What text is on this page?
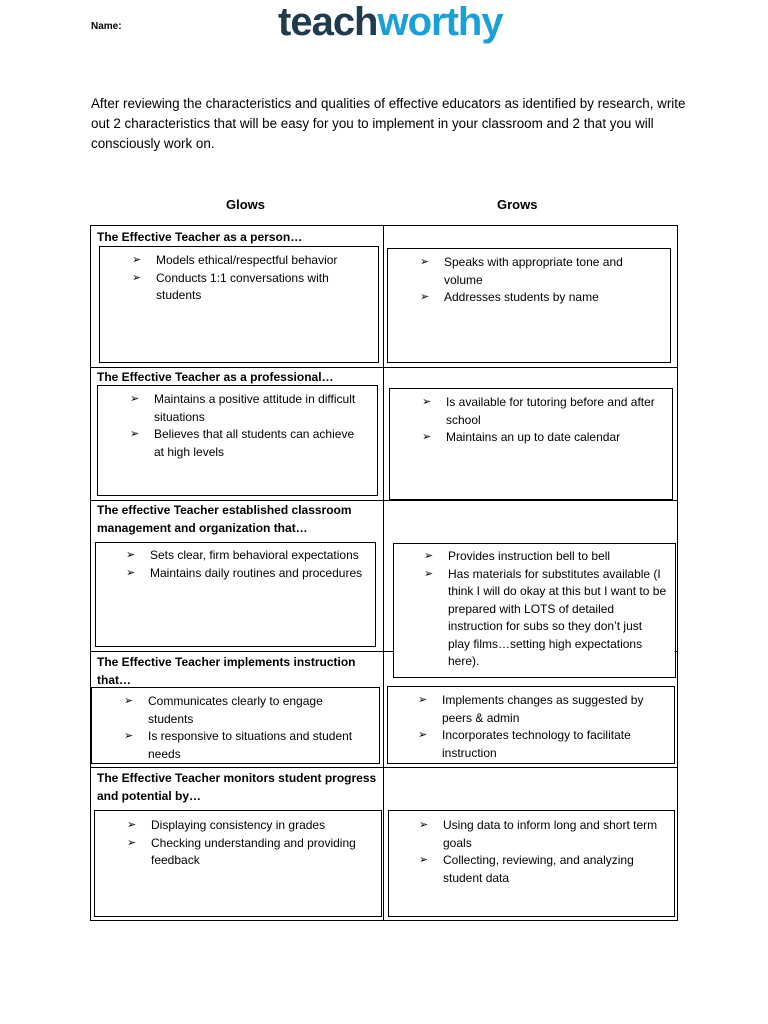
Name:	teachworthy
After reviewing the characteristics and qualities of effective educators as identified by research, write out 2 characteristics that will be easy for you to implement in your classroom and 2 that you will consciously work on.
Glows	Grows
The Effective Teacher as a person…
➢ Models ethical/respectful behavior
➢ Conducts 1:1 conversations with students
➢ Speaks with appropriate tone and volume
➢ Addresses students by name
The Effective Teacher as a professional…
➢ Maintains a positive attitude in difficult situations
➢ Believes that all students can achieve at high levels
➢ Is available for tutoring before and after school
➢ Maintains an up to date calendar
The effective Teacher established classroom management and organization that…
➢ Sets clear, firm behavioral expectations
➢ Maintains daily routines and procedures
➢ Provides instruction bell to bell
➢ Has materials for substitutes available (I think I will do okay at this but I want to be prepared with LOTS of detailed instruction for subs so they don’t just play films…setting high expectations here).
The Effective Teacher implements instruction that…
➢ Communicates clearly to engage students
➢ Is responsive to situations and student needs
➢ Implements changes as suggested by peers & admin
➢ Incorporates technology to facilitate instruction
The Effective Teacher monitors student progress and potential by…
➢ Displaying consistency in grades
➢ Checking understanding and providing feedback
➢ Using data to inform long and short term goals
➢ Collecting, reviewing, and analyzing student data
